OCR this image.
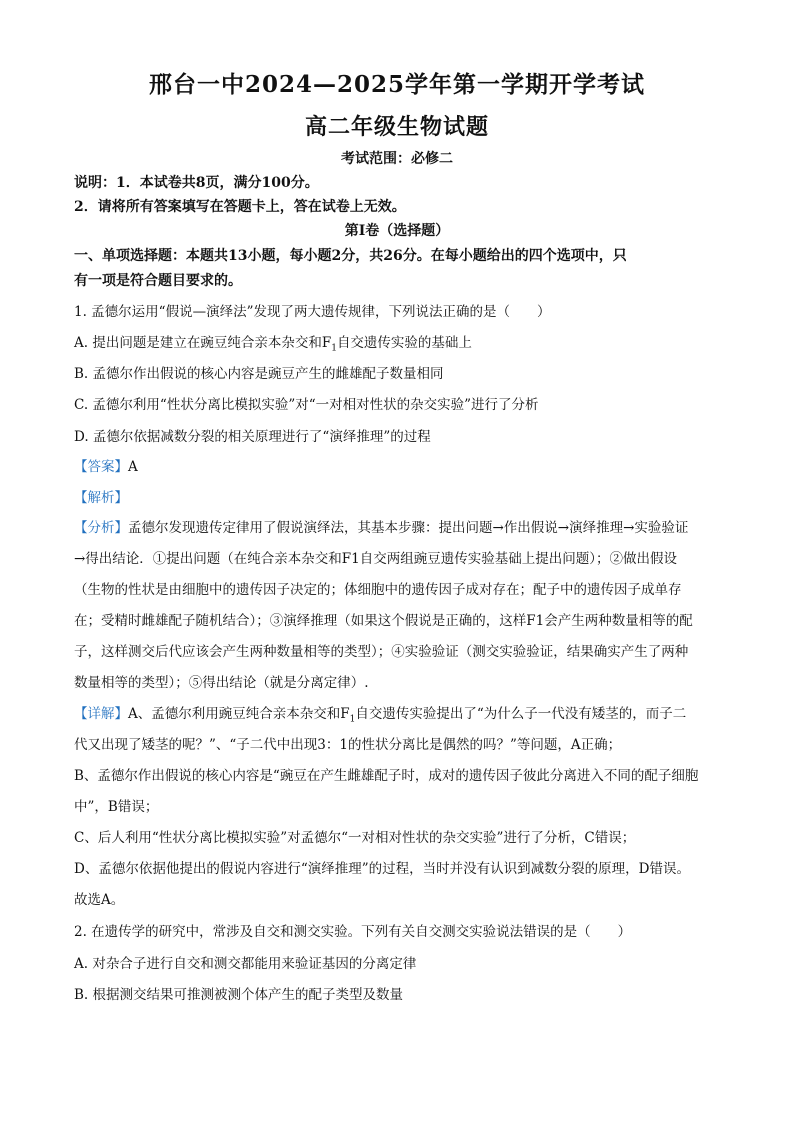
邢台一中2024—2025学年第一学期开学考试
高二年级生物试题
考试范围：必修二
说明：1．本试卷共8页，满分100分。
2．请将所有答案填写在答题卡上，答在试卷上无效。
第Ⅰ卷（选择题）
一、单项选择题：本题共13小题，每小题2分，共26分。在每小题给出的四个选项中，只
有一项是符合题目要求的。
1. 孟德尔运用“假说—演绎法”发现了两大遗传规律，下列说法正确的是（　　）
A. 提出问题是建立在豌豆纯合亲本杂交和$F_1$自交遗传实验的基础上
B. 孟德尔作出假说的核心内容是豌豆产生的雌雄配子数量相同
C. 孟德尔利用“性状分离比模拟实验”对“一对相对性状的杂交实验”进行了分析
D. 孟德尔依据减数分裂的相关原理进行了“演绎推理”的过程
【答案】A
【解析】
【分析】孟德尔发现遗传定律用了假说演绎法，其基本步骤：提出问题→作出假说→演绎推理→实验验证
→得出结论．①提出问题（在纯合亲本杂交和F1自交两组豌豆遗传实验基础上提出问题）；②做出假设
（生物的性状是由细胞中的遗传因子决定的；体细胞中的遗传因子成对存在；配子中的遗传因子成单存
在；受精时雌雄配子随机结合）；③演绎推理（如果这个假说是正确的，这样F1会产生两种数量相等的配
子，这样测交后代应该会产生两种数量相等的类型）；④实验验证（测交实验验证，结果确实产生了两种
数量相等的类型）；⑤得出结论（就是分离定律）.
【详解】A、孟德尔利用豌豆纯合亲本杂交和$F_1$自交遗传实验提出了“为什么子一代没有矮茎的，而子二
代又出现了矮茎的呢？”、“子二代中出现3：1的性状分离比是偶然的吗？”等问题，A正确；
B、孟德尔作出假说的核心内容是“豌豆在产生雌雄配子时，成对的遗传因子彼此分离进入不同的配子细胞
中”，B错误；
C、后人利用“性状分离比模拟实验”对孟德尔“一对相对性状的杂交实验”进行了分析，C错误；
D、孟德尔依据他提出的假说内容进行“演绎推理”的过程，当时并没有认识到减数分裂的原理，D错误。
故选A。
2. 在遗传学的研究中，常涉及自交和测交实验。下列有关自交测交实验说法错误的是（　　）
A. 对杂合子进行自交和测交都能用来验证基因的分离定律
B. 根据测交结果可推测被测个体产生的配子类型及数量
